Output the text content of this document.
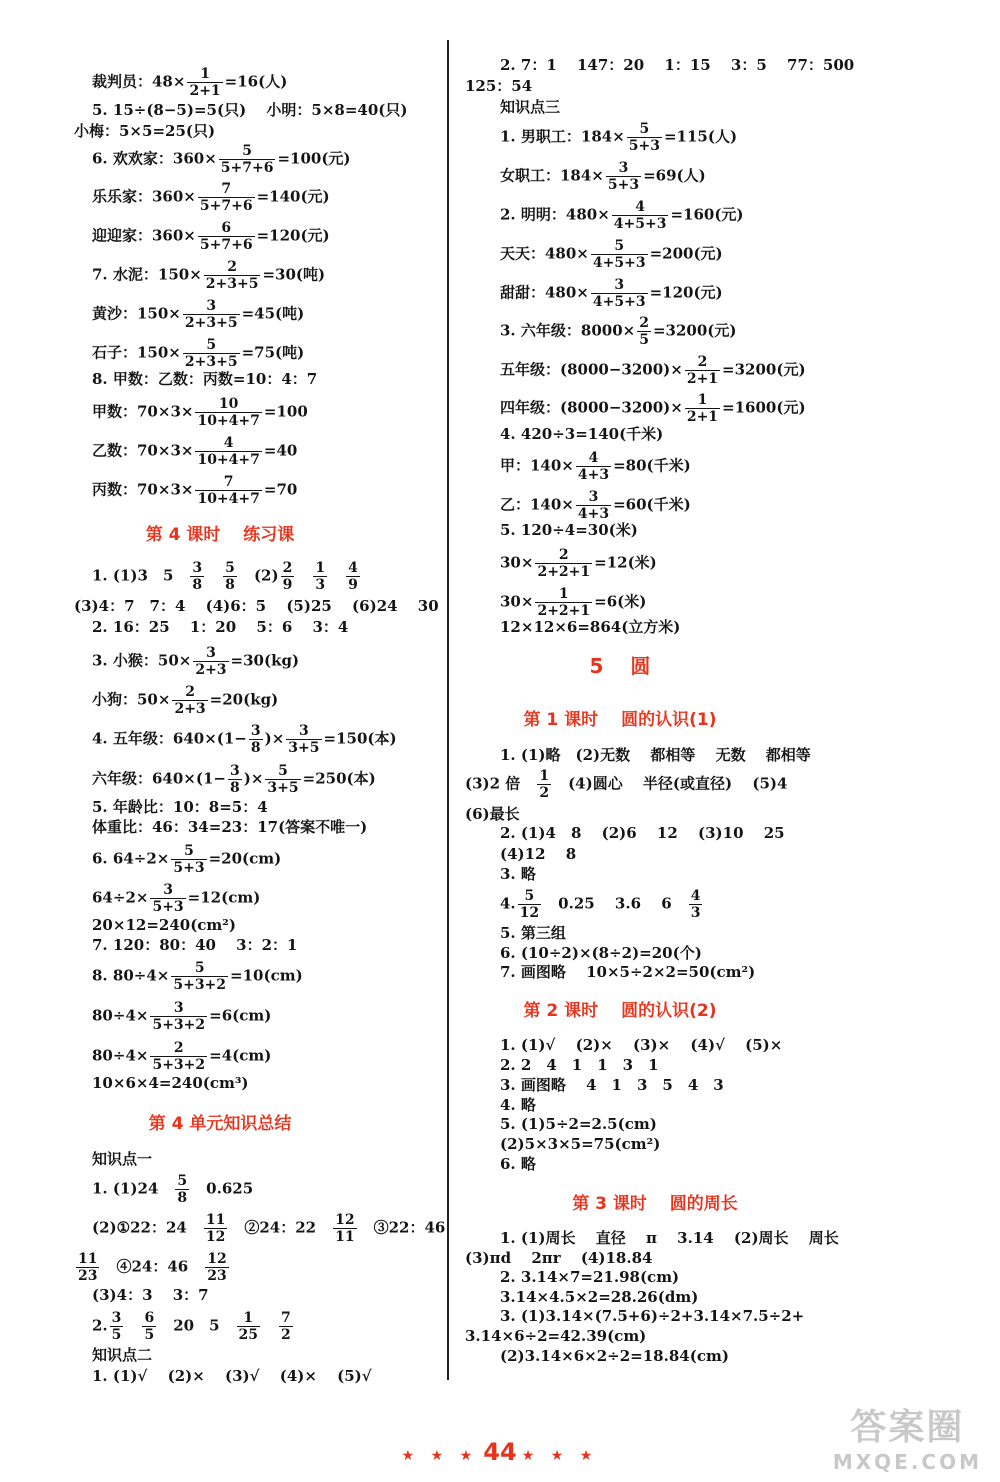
裁判员：$48\times \frac{1}{2+1} =16$(人)
5. 15÷(8−5)=5(只)　 小明：5×8=40(只)
小梅：5×5=25(只)
6. 欢欢家：$360\times \frac{5}{5+7+6} =100$(元)
乐乐家：$360\times \frac{7}{5+7+6} =140$(元)
迎迎家：$360\times \frac{6}{5+7+6} =120$(元)
7. 水泥：$150\times \frac{2}{2+3+5} =30$(吨)
黄沙：$150\times \frac{3}{2+3+5} =45$(吨)
石子：$150\times \frac{5}{2+3+5} =75$(吨)
8. 甲数：乙数：丙数=10：4：7
甲数：$70\times 3\times \frac{10}{10+4+7} =100$
乙数：$70\times 3\times \frac{4}{10+4+7} =40$
丙数：$70\times 3\times \frac{7}{10+4+7} =70$
第 4 课时　 练习课
1. (1)3　5　 $\frac{3}{8}$
　 $\frac{5}{8}$
　 $(2) \frac{2}{9}$
　 $\frac{1}{3}$
　 $\frac{4}{9}$
(3)4：7　7：4　 (4)6：5　 (5)25　 (6)24　 30
2. 16：25　 1：20　 5：6　 3：4
3. 小猴：$50\times \frac{3}{2+3} =30(kg)$
小狗：$50\times \frac{2}{2+3} =20(kg)$
4. 五年级：$640\times(1- \frac{3}{8}$ )× $\frac{3}{3+5} =150$(本)
六年级：$640\times(1- \frac{3}{8}$ )× $\frac{5}{3+5} =250$(本)
5. 年龄比：10：8=5：4
体重比：46：34=23：17(答案不唯一)
6. $64\div 2\times \frac{5}{5+3} =20(cm)$
$64\div 2\times \frac{3}{5+3} =12(cm)$
20×12=240(cm²)
7. 120：80：40　 3：2：1
8. $80\div 4\times \frac{5}{5+3+2} =10(cm)$
$80\div 4\times \frac{3}{5+3+2} =6(cm)$
$80\div 4\times \frac{2}{5+3+2} =4(cm)$
10×6×4=240(cm³)
第 4 单元知识总结
知识点一
1. (1)24　 $\frac{5}{8}$
　 0.625
(2)①22：24　 $\frac{11}{12}$
　 ②24：22　 $\frac{12}{11}$
　 ③22：46
$\frac{11}{23}$
　 ④24：46　 $\frac{12}{23}$
(3)4：3　 3：7
2. $\frac{3}{5}$
　 $\frac{6}{5}$
　 20　5　 $\frac{1}{25}$
　 $\frac{7}{2}$
知识点二
1. (1)√　 (2)×　 (3)√　 (4)×　 (5)√
2. 7：1　 147：20　 1：15　 3：5　 77：500
125：54
知识点三
1. 男职工：$184\times \frac{5}{5+3} =115$(人)
女职工：$184\times \frac{3}{5+3} =69$(人)
2. 明明：$480\times \frac{4}{4+5+3} =160$(元)
天天：$480\times \frac{5}{4+5+3} =200$(元)
甜甜：$480\times \frac{3}{4+5+3} =120$(元)
3. 六年级：$8000\times \frac{2}{5} =3200$(元)
五年级：$(8000-3200)\times \frac{2}{2+1} =3200$(元)
四年级：$(8000-3200)\times \frac{1}{2+1} =1600$(元)
4. 420÷3=140(千米)
甲：$140\times \frac{4}{4+3} =80$(千米)
乙：$140\times \frac{3}{4+3} =60$(千米)
5. 120÷4=30(米)
$30\times \frac{2}{2+2+1} =12$(米)
$30\times \frac{1}{2+2+1} =6$(米)
12×12×6=864(立方米)
5　 圆
第 1 课时　 圆的认识(1)
1. (1)略　(2)无数　 都相等　 无数　 都相等
(3)2 倍　 $\frac{1}{2}$
　 (4)圆心　 半径(或直径)　 (5)4
(6)最长
2. (1)4　8　 (2)6　 12　 (3)10　 25
(4)12　 8
3. 略
4. $\frac{5}{12}$
　 0.25　 3.6　 6　 $\frac{4}{3}$
5. 第三组
6. (10÷2)×(8÷2)=20(个)
7. 画图略　 10×5÷2×2=50(cm²)
第 2 课时　 圆的认识(2)
1. (1)√　 (2)×　 (3)×　 (4)√　 (5)×
2. 2　4　1　1　3　1
3. 画图略　 4　1　3　5　4　3
4. 略
5. (1)5÷2=2.5(cm)
(2)5×3×5=75(cm²)
6. 略
第 3 课时　 圆的周长
1. (1)周长　 直径　 π　 3.14　 (2)周长　 周长
(3)πd　 2πr　 (4)18.84
2. 3.14×7=21.98(cm)
3.14×4.5×2=28.26(dm)
3. (1)3.14×(7.5+6)÷2+3.14×7.5÷2+
3.14×6÷2=42.39(cm)
(2)3.14×6×2÷2=18.84(cm)
★ ★ ★ 44 ★ ★ ★
答案圈
MXQE.COM
